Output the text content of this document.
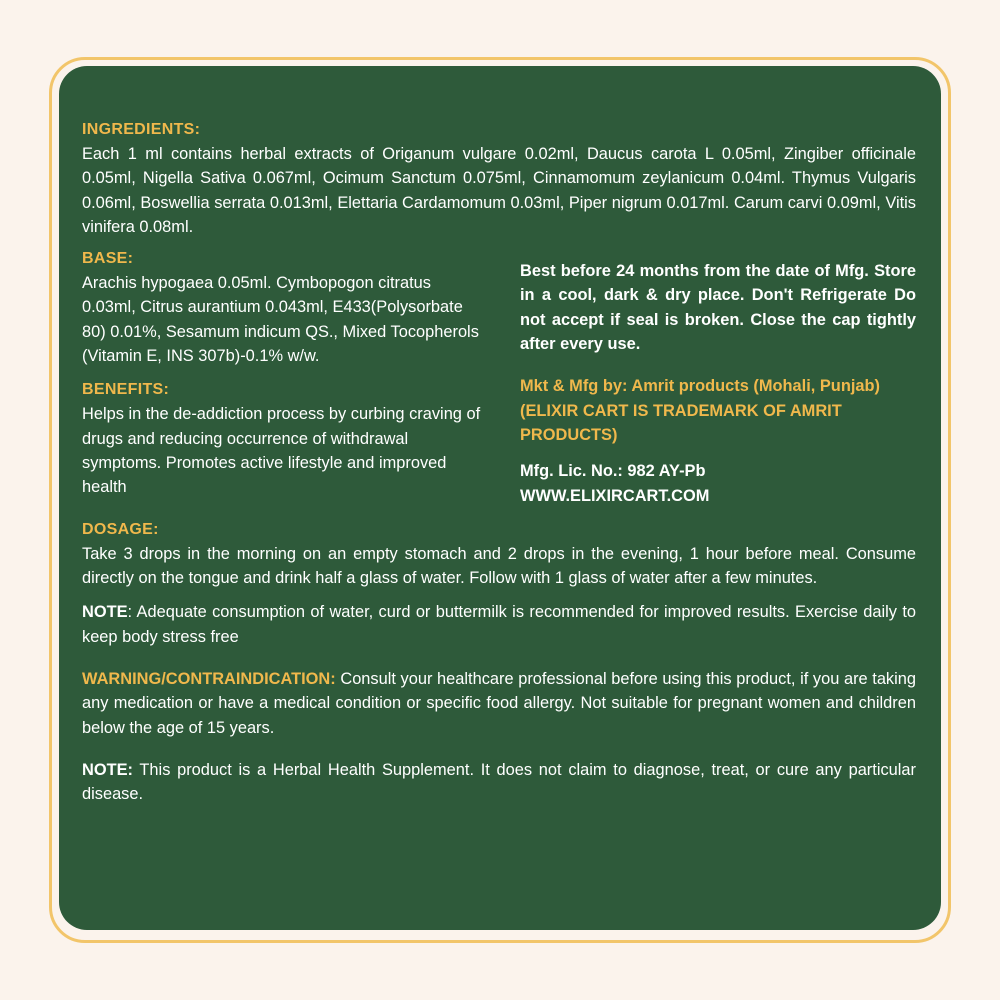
INGREDIENTS:
Each 1 ml contains herbal extracts of Origanum vulgare 0.02ml, Daucus carota L 0.05ml, Zingiber officinale 0.05ml, Nigella Sativa 0.067ml, Ocimum Sanctum 0.075ml, Cinnamomum zeylanicum 0.04ml. Thymus Vulgaris 0.06ml, Boswellia serrata 0.013ml, Elettaria Cardamomum 0.03ml, Piper nigrum 0.017ml. Carum carvi 0.09ml, Vitis vinifera 0.08ml.
BASE:
Arachis hypogaea 0.05ml. Cymbopogon citratus 0.03ml, Citrus aurantium 0.043ml, E433(Polysorbate 80) 0.01%, Sesamum indicum QS., Mixed Tocopherols (Vitamin E, INS 307b)-0.1% w/w.
BENEFITS:
Helps in the de-addiction process by curbing craving of drugs and reducing occurrence of withdrawal symptoms. Promotes active lifestyle and improved health
Best before 24 months from the date of Mfg. Store in a cool, dark & dry place. Don't Refrigerate Do not accept if seal is broken. Close the cap tightly after every use.
Mkt & Mfg by: Amrit products (Mohali, Punjab) (ELIXIR CART IS TRADEMARK OF AMRIT PRODUCTS)
Mfg. Lic. No.: 982 AY-Pb
WWW.ELIXIRCART.COM
DOSAGE:
Take 3 drops in the morning on an empty stomach and 2 drops in the evening, 1 hour before meal. Consume directly on the tongue and drink half a glass of water. Follow with 1 glass of water after a few minutes.
NOTE: Adequate consumption of water, curd or buttermilk is recommended for improved results. Exercise daily to keep body stress free
WARNING/CONTRAINDICATION: Consult your healthcare professional before using this product, if you are taking any medication or have a medical condition or specific food allergy. Not suitable for pregnant women and children below the age of 15 years.
NOTE: This product is a Herbal Health Supplement. It does not claim to diagnose, treat, or cure any particular disease.
